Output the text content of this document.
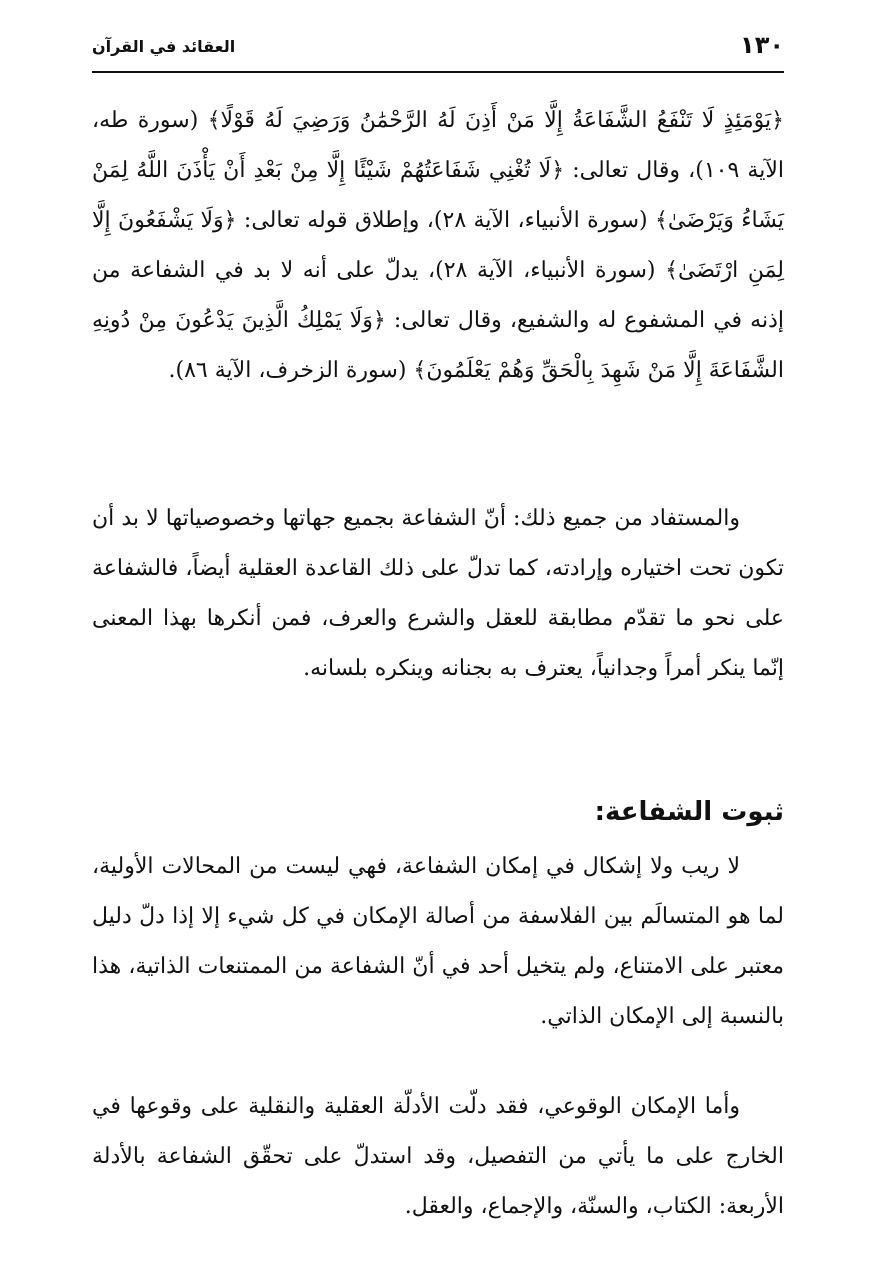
١٣٠
العقائد في القرآن

﴿يَوْمَئِذٍ لَا تَنْفَعُ الشَّفَاعَةُ إِلَّا مَنْ أَذِنَ لَهُ الرَّحْمَٰنُ وَرَضِيَ لَهُ قَوْلًا﴾ (سورة طه، الآية ١٠٩)، وقال تعالى: ﴿لَا تُغْنِي شَفَاعَتُهُمْ شَيْئًا إِلَّا مِنْ بَعْدِ أَنْ يَأْذَنَ اللَّهُ لِمَنْ يَشَاءُ وَيَرْضَىٰ﴾ (سورة الأنبياء، الآية ٢٨)، وإطلاق قوله تعالى: ﴿وَلَا يَشْفَعُونَ إِلَّا لِمَنِ ارْتَضَىٰ﴾ (سورة الأنبياء، الآية ٢٨)، يدلّ على أنه لا بد في الشفاعة من إذنه في المشفوع له والشفيع، وقال تعالى: ﴿وَلَا يَمْلِكُ الَّذِينَ يَدْعُونَ مِنْ دُونِهِ الشَّفَاعَةَ إِلَّا مَنْ شَهِدَ بِالْحَقِّ وَهُمْ يَعْلَمُونَ﴾ (سورة الزخرف، الآية ٨٦).

والمستفاد من جميع ذلك: أنّ الشفاعة بجميع جهاتها وخصوصياتها لا بد أن تكون تحت اختياره وإرادته، كما تدلّ على ذلك القاعدة العقلية أيضاً، فالشفاعة على نحو ما تقدّم مطابقة للعقل والشرع والعرف، فمن أنكرها بهذا المعنى إنّما ينكر أمراً وجدانياً، يعترف به بجنانه وينكره بلسانه.

ثبوت الشفاعة:

لا ريب ولا إشكال في إمكان الشفاعة، فهي ليست من المحالات الأولية، لما هو المتسالَم بين الفلاسفة من أصالة الإمكان في كل شيء إلا إذا دلّ دليل معتبر على الامتناع، ولم يتخيل أحد في أنّ الشفاعة من الممتنعات الذاتية، هذا بالنسبة إلى الإمكان الذاتي.

وأما الإمكان الوقوعي، فقد دلّت الأدلّة العقلية والنقلية على وقوعها في الخارج على ما يأتي من التفصيل، وقد استدلّ على تحقّق الشفاعة بالأدلة الأربعة: الكتاب، والسنّة، والإجماع، والعقل.
